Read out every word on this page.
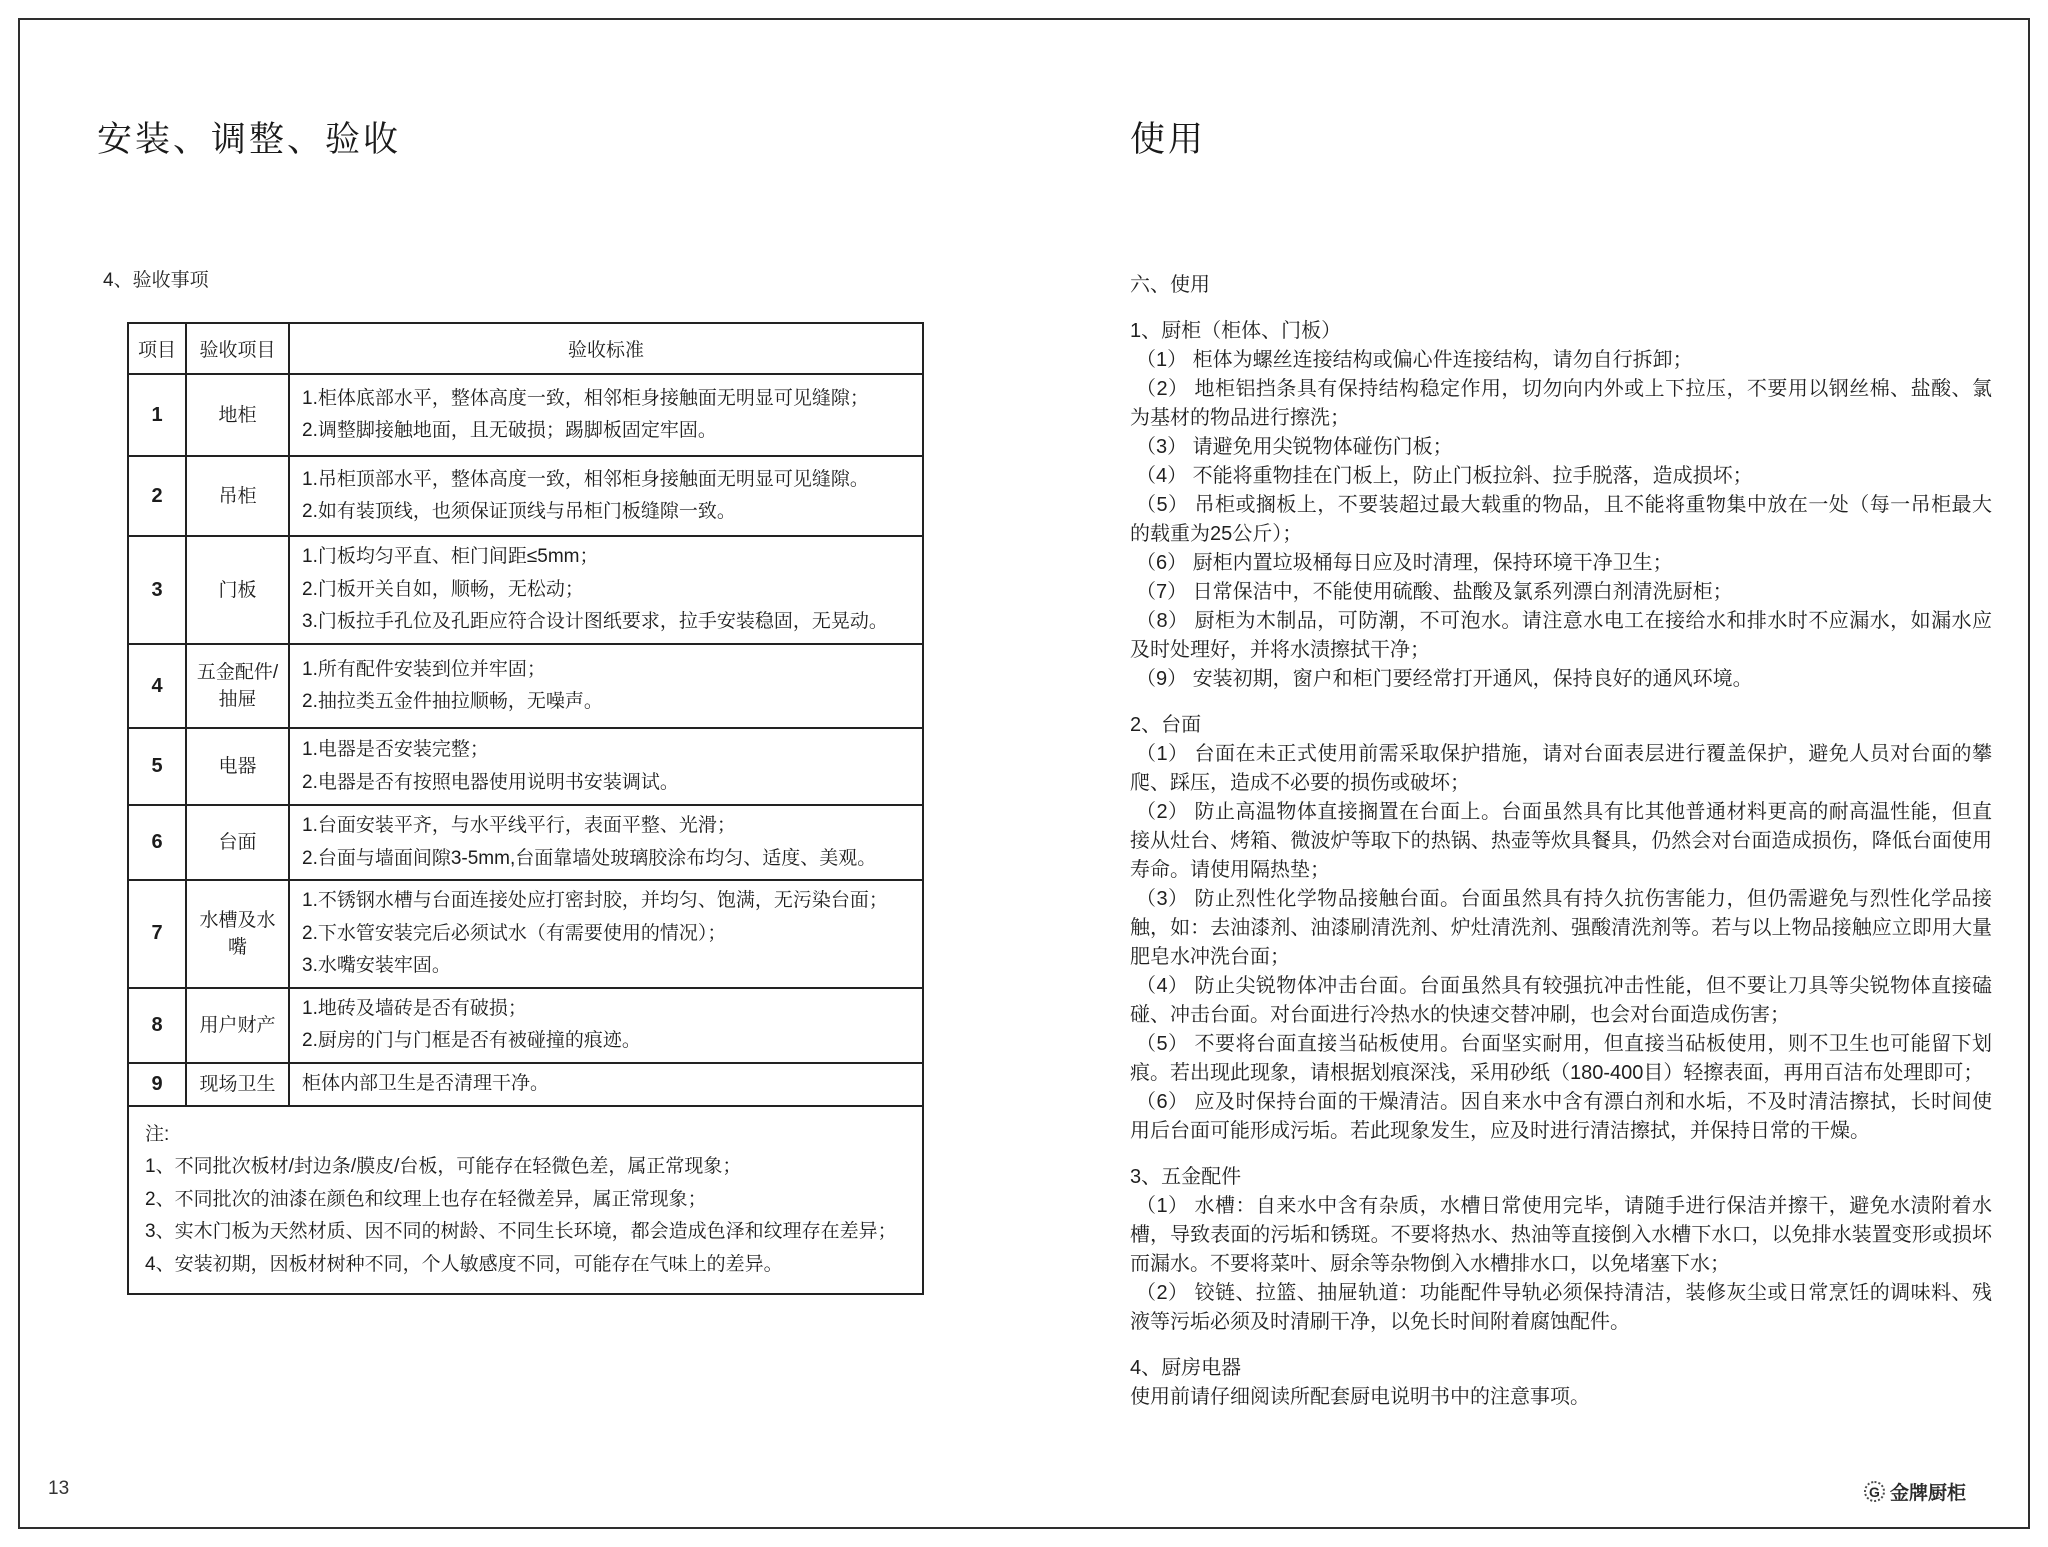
安装、调整、验收
4、验收事项
项目	验收项目	验收标准
1	地柜	1.柜体底部水平，整体高度一致，相邻柜身接触面无明显可见缝隙；
2.调整脚接触地面，且无破损；踢脚板固定牢固。

2	吊柜	1.吊柜顶部水平，整体高度一致，相邻柜身接触面无明显可见缝隙。
2.如有装顶线，也须保证顶线与吊柜门板缝隙一致。

3	门板	1.门板均匀平直、柜门间距≤5mm；
2.门板开关自如，顺畅，无松动；
3.门板拉手孔位及孔距应符合设计图纸要求，拉手安装稳固，无晃动。

4	五金配件/抽屉	1.所有配件安装到位并牢固；
2.抽拉类五金件抽拉顺畅，无噪声。

5	电器	1.电器是否安装完整；
2.电器是否有按照电器使用说明书安装调试。

6	台面	1.台面安装平齐，与水平线平行，表面平整、光滑；
2.台面与墙面间隙3-5mm,台面靠墙处玻璃胶涂布均匀、适度、美观。

7	水槽及水嘴	1.不锈钢水槽与台面连接处应打密封胶，并均匀、饱满，无污染台面；
2.下水管安装完后必须试水（有需要使用的情况）；
3.水嘴安装牢固。

8	用户财产	1.地砖及墙砖是否有破损；
2.厨房的门与门框是否有被碰撞的痕迹。

9	现场卫生	柜体内部卫生是否清理干净。

注:
1、不同批次板材/封边条/膜皮/台板，可能存在轻微色差，属正常现象；
2、不同批次的油漆在颜色和纹理上也存在轻微差异，属正常现象；
3、实木门板为天然材质、因不同的树龄、不同生长环境，都会造成色泽和纹理存在差异；
4、安装初期，因板材树种不同，个人敏感度不同，可能存在气味上的差异。		
使用

六、使用

1、厨柜（柜体、门板）

（1） 柜体为螺丝连接结构或偏心件连接结构，请勿自行拆卸；

（2） 地柜铝挡条具有保持结构稳定作用，切勿向内外或上下拉压，不要用以钢丝棉、盐酸、氯为基材的物品进行擦洗；

（3） 请避免用尖锐物体碰伤门板；

（4） 不能将重物挂在门板上，防止门板拉斜、拉手脱落，造成损坏；

（5） 吊柜或搁板上，不要装超过最大载重的物品，且不能将重物集中放在一处（每一吊柜最大的载重为25公斤）；

（6） 厨柜内置垃圾桶每日应及时清理，保持环境干净卫生；

（7） 日常保洁中，不能使用硫酸、盐酸及氯系列漂白剂清洗厨柜；

（8） 厨柜为木制品，可防潮，不可泡水。请注意水电工在接给水和排水时不应漏水，如漏水应及时处理好，并将水渍擦拭干净；

（9） 安装初期，窗户和柜门要经常打开通风，保持良好的通风环境。

2、台面

（1） 台面在未正式使用前需采取保护措施，请对台面表层进行覆盖保护，避免人员对台面的攀爬、踩压，造成不必要的损伤或破坏；

（2） 防止高温物体直接搁置在台面上。台面虽然具有比其他普通材料更高的耐高温性能，但直接从灶台、烤箱、微波炉等取下的热锅、热壶等炊具餐具，仍然会对台面造成损伤，降低台面使用寿命。请使用隔热垫；

（3） 防止烈性化学物品接触台面。台面虽然具有持久抗伤害能力，但仍需避免与烈性化学品接触，如：去油漆剂、油漆刷清洗剂、炉灶清洗剂、强酸清洗剂等。若与以上物品接触应立即用大量肥皂水冲洗台面；

（4） 防止尖锐物体冲击台面。台面虽然具有较强抗冲击性能，但不要让刀具等尖锐物体直接磕碰、冲击台面。对台面进行冷热水的快速交替冲刷，也会对台面造成伤害；

（5） 不要将台面直接当砧板使用。台面坚实耐用，但直接当砧板使用，则不卫生也可能留下划痕。若出现此现象，请根据划痕深浅，采用砂纸（180-400目）轻擦表面，再用百洁布处理即可；

（6） 应及时保持台面的干燥清洁。因自来水中含有漂白剂和水垢，不及时清洁擦拭，长时间使用后台面可能形成污垢。若此现象发生，应及时进行清洁擦拭，并保持日常的干燥。

3、五金配件

（1） 水槽：自来水中含有杂质，水槽日常使用完毕，请随手进行保洁并擦干，避免水渍附着水槽，导致表面的污垢和锈斑。不要将热水、热油等直接倒入水槽下水口，以免排水装置变形或损坏而漏水。不要将菜叶、厨余等杂物倒入水槽排水口，以免堵塞下水；

（2） 铰链、拉篮、抽屉轨道：功能配件导轨必须保持清洁，装修灰尘或日常烹饪的调味料、残液等污垢必须及时清刷干净，以免长时间附着腐蚀配件。

4、厨房电器

使用前请仔细阅读所配套厨电说明书中的注意事项。

13	G 金牌厨柜
